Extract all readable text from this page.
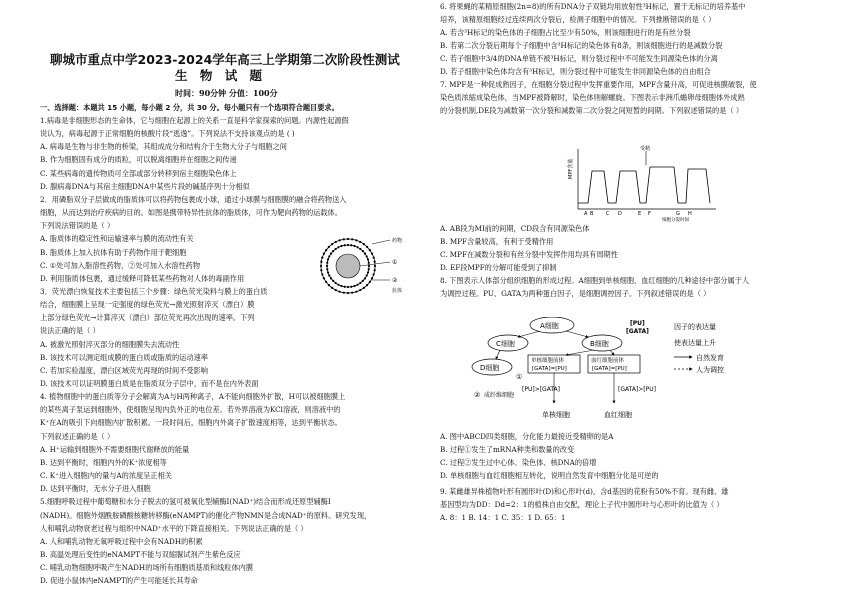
聊城市重点中学2023-2024学年高三上学期第二次阶段性测试
生 物 试 题
时间：90分钟 分值：100分
一、选择题：本题共 15 小题，每小题 2 分，共 30 分。每小题只有一个选项符合题目要求。
1.病毒是非细胞形态的生命体，它与细胞在起源上的关系一直是科学家探索的问题。内源性起源假
说认为，病毒起源于正常细胞的核酸片段“逃逸”。下列说法不支持该观点的是 ( )
A. 病毒是生物与非生物的桥梁，其组成成分和结构介于生物大分子与细胞之间
B. 作为细胞固有成分的质粒，可以脱离细胞并在细胞之间传递
C. 某些病毒的遗传物质可全部或部分转移到宿主细胞染色体上
D. 腺病毒DNA与其宿主细胞DNA中某些片段的碱基序列十分相似
2．用磷脂双分子层做成的脂质体可以将药物包裹成小球，通过小球膜与细胞膜的融合将药物送入
细胞，从而达到治疗疾病的目的。如图是携带特异性抗体的脂质体，可作为靶向药物的运载体。
下列说法错误的是（ ）
A. 脂质体的稳定性和运输速率与膜的流动性有关
B. 脂质体上加入抗体有助于药物作用于靶细胞
C. ①处可加入脂溶性药物，②处可加入水溶性药物
D. 利用脂质体包裹，通过缓释可降低某些药物对人体的毒副作用
3．荧光漂白恢复技术主要包括三个步骤：绿色荧光染料与膜上的蛋白质
结合，细胞膜上呈现一定强度的绿色荧光→激光照射淬灭（漂白）膜
上部分绿色荧光→计算淬灭（漂白）部位荧光再次出现的速率。下列
说法正确的是（ ）
A. 被激光照射淬灭部分的细胞膜失去流动性
B. 该技术可以测定组成膜的蛋白质或脂质的运动速率
C. 若加实验温度，漂白区域荧光再现的时间不受影响
D. 该技术可以证明膜蛋白质是在脂质双分子层中，而不是在内外表面
4. 植物细胞中的蛋白质等分子会解离为A与H两种离子，A不能向细胞外扩散，H可以被细胞膜上
的某些离子泵运到细胞外，使细胞呈现内负外正的电位差。若外界溶液为KCl溶液，则溶液中的
K⁺在A的吸引下向细胞内扩散积累。一段时间后，细胞内外离子扩散速度相等，达到平衡状态。
下列叙述正确的是（ ）
A. H⁺运输到细胞外不需要细胞代谢释放的能量
B. 达到平衡时，细胞内外的K⁺浓度相等
C. K⁺进入细胞内的量与A的浓度呈正相关
D. 达到平衡时，无水分子进入细胞
5.细胞呼吸过程中葡萄糖和水分子脱去的氢可被氧化型辅酶Ⅰ(NAD⁺)结合而形成还原型辅酶Ⅰ
(NADH)。细胞外烟酰胺磷酸核糖转移酶(eNAMPT)的催化产物NMN是合成NAD⁺的原料。研究发现，
人和哺乳动物衰老过程与组织中NAD⁺水平的下降直接相关。下列说法正确的是（ ）
A. 人和哺乳动物无氧呼吸过程中会有NADH的积累
B. 高温处理后变性的eNAMPT不能与双缩脲试剂产生紫色反应
C. 哺乳动物细胞呼吸产生NADH的场所有细胞质基质和线粒体内膜
D. 促进小鼠体内eNAMPT的产生可能延长其寿命
药物
①
②
抗体
6. 将果蝇的某精原细胞(2n=8)的所有DNA分子双链均用放射性³H标记，置于无标记的培养基中
培养，该精原细胞经过连续两次分裂后，检测子细胞中的情况。下列推断错误的是（ ）
A. 若含³H标记的染色体的子细胞占比至少有50%，则该细胞进行的是有丝分裂
B. 若第二次分裂后期每个子细胞中含³H标记的染色体有8条，则该细胞进行的是减数分裂
C. 若子细胞中3/4的DNA单链不被³H标记，则分裂过程中不可能发生同源染色体的分离
D. 若子细胞中染色体均含有³H标记，则分裂过程中可能发生非同源染色体的自由组合
7. MPF是一种促成熟因子，在细胞分裂过程中发挥重要作用，MPF含量升高，可促进核膜破裂，使
染色质浓缩成染色体，当MPF被降解时，染色体则解螺旋。下图表示非洲爪蟾卵母细胞体外成熟
的分裂机制,DE段为减数第一次分裂和减数第二次分裂之间短暂的间期。下列叙述错误的是（ ）
A. AB段为MⅠ前的间期，CD段含有同源染色体
B. MPF含量较高，有利于受精作用
C. MPF在减数分裂和有丝分裂中发挥作用均具有周期性
D. EF段MPF的分解可能受到了抑制
8. 下图表示人体部分组织细胞的形成过程。A细胞到单核细胞、血红细胞的几种途径中部分属于人
为调控过程。PU、GATA为两种蛋白因子，是细胞调控因子。下列叙述错误的是（ ）
A. 图中ABCD四类细胞，分化能力最接近受精卵的是A
B. 过程①发生了mRNA种类和数量的改变
C. 过程②发生过中心体、染色体、核DNA的倍增
D. 单核细胞与血红细胞相互转化，说明自然发育中细胞分化是可逆的
9. 某雌雄异株植物叶形有圆形叶(D)和心形叶(d)，含d基因的花粉有50%不育。现有雌、雄
基因型均为DD：Dd=2：1的植株自由交配，理论上子代中圆形叶与心形叶的比值为（ ）
A. 8：1 B. 14：1 C. 35：1 D. 65：1
MPF含量
受精
A B	C D	E F	G H
细胞分裂时间
A细胞
C细胞	B细胞
D细胞
单核细胞前体
[GATA]=[PU]
血红细胞前体
[GATA]=[PU]
[PU]
[GATA]
因子的表达量
使表达量上升
自然发育
人为调控
[PU]>[GATA]	[GATA]>[PU]
② 成纤维细胞
单核细胞	血红细胞
①
